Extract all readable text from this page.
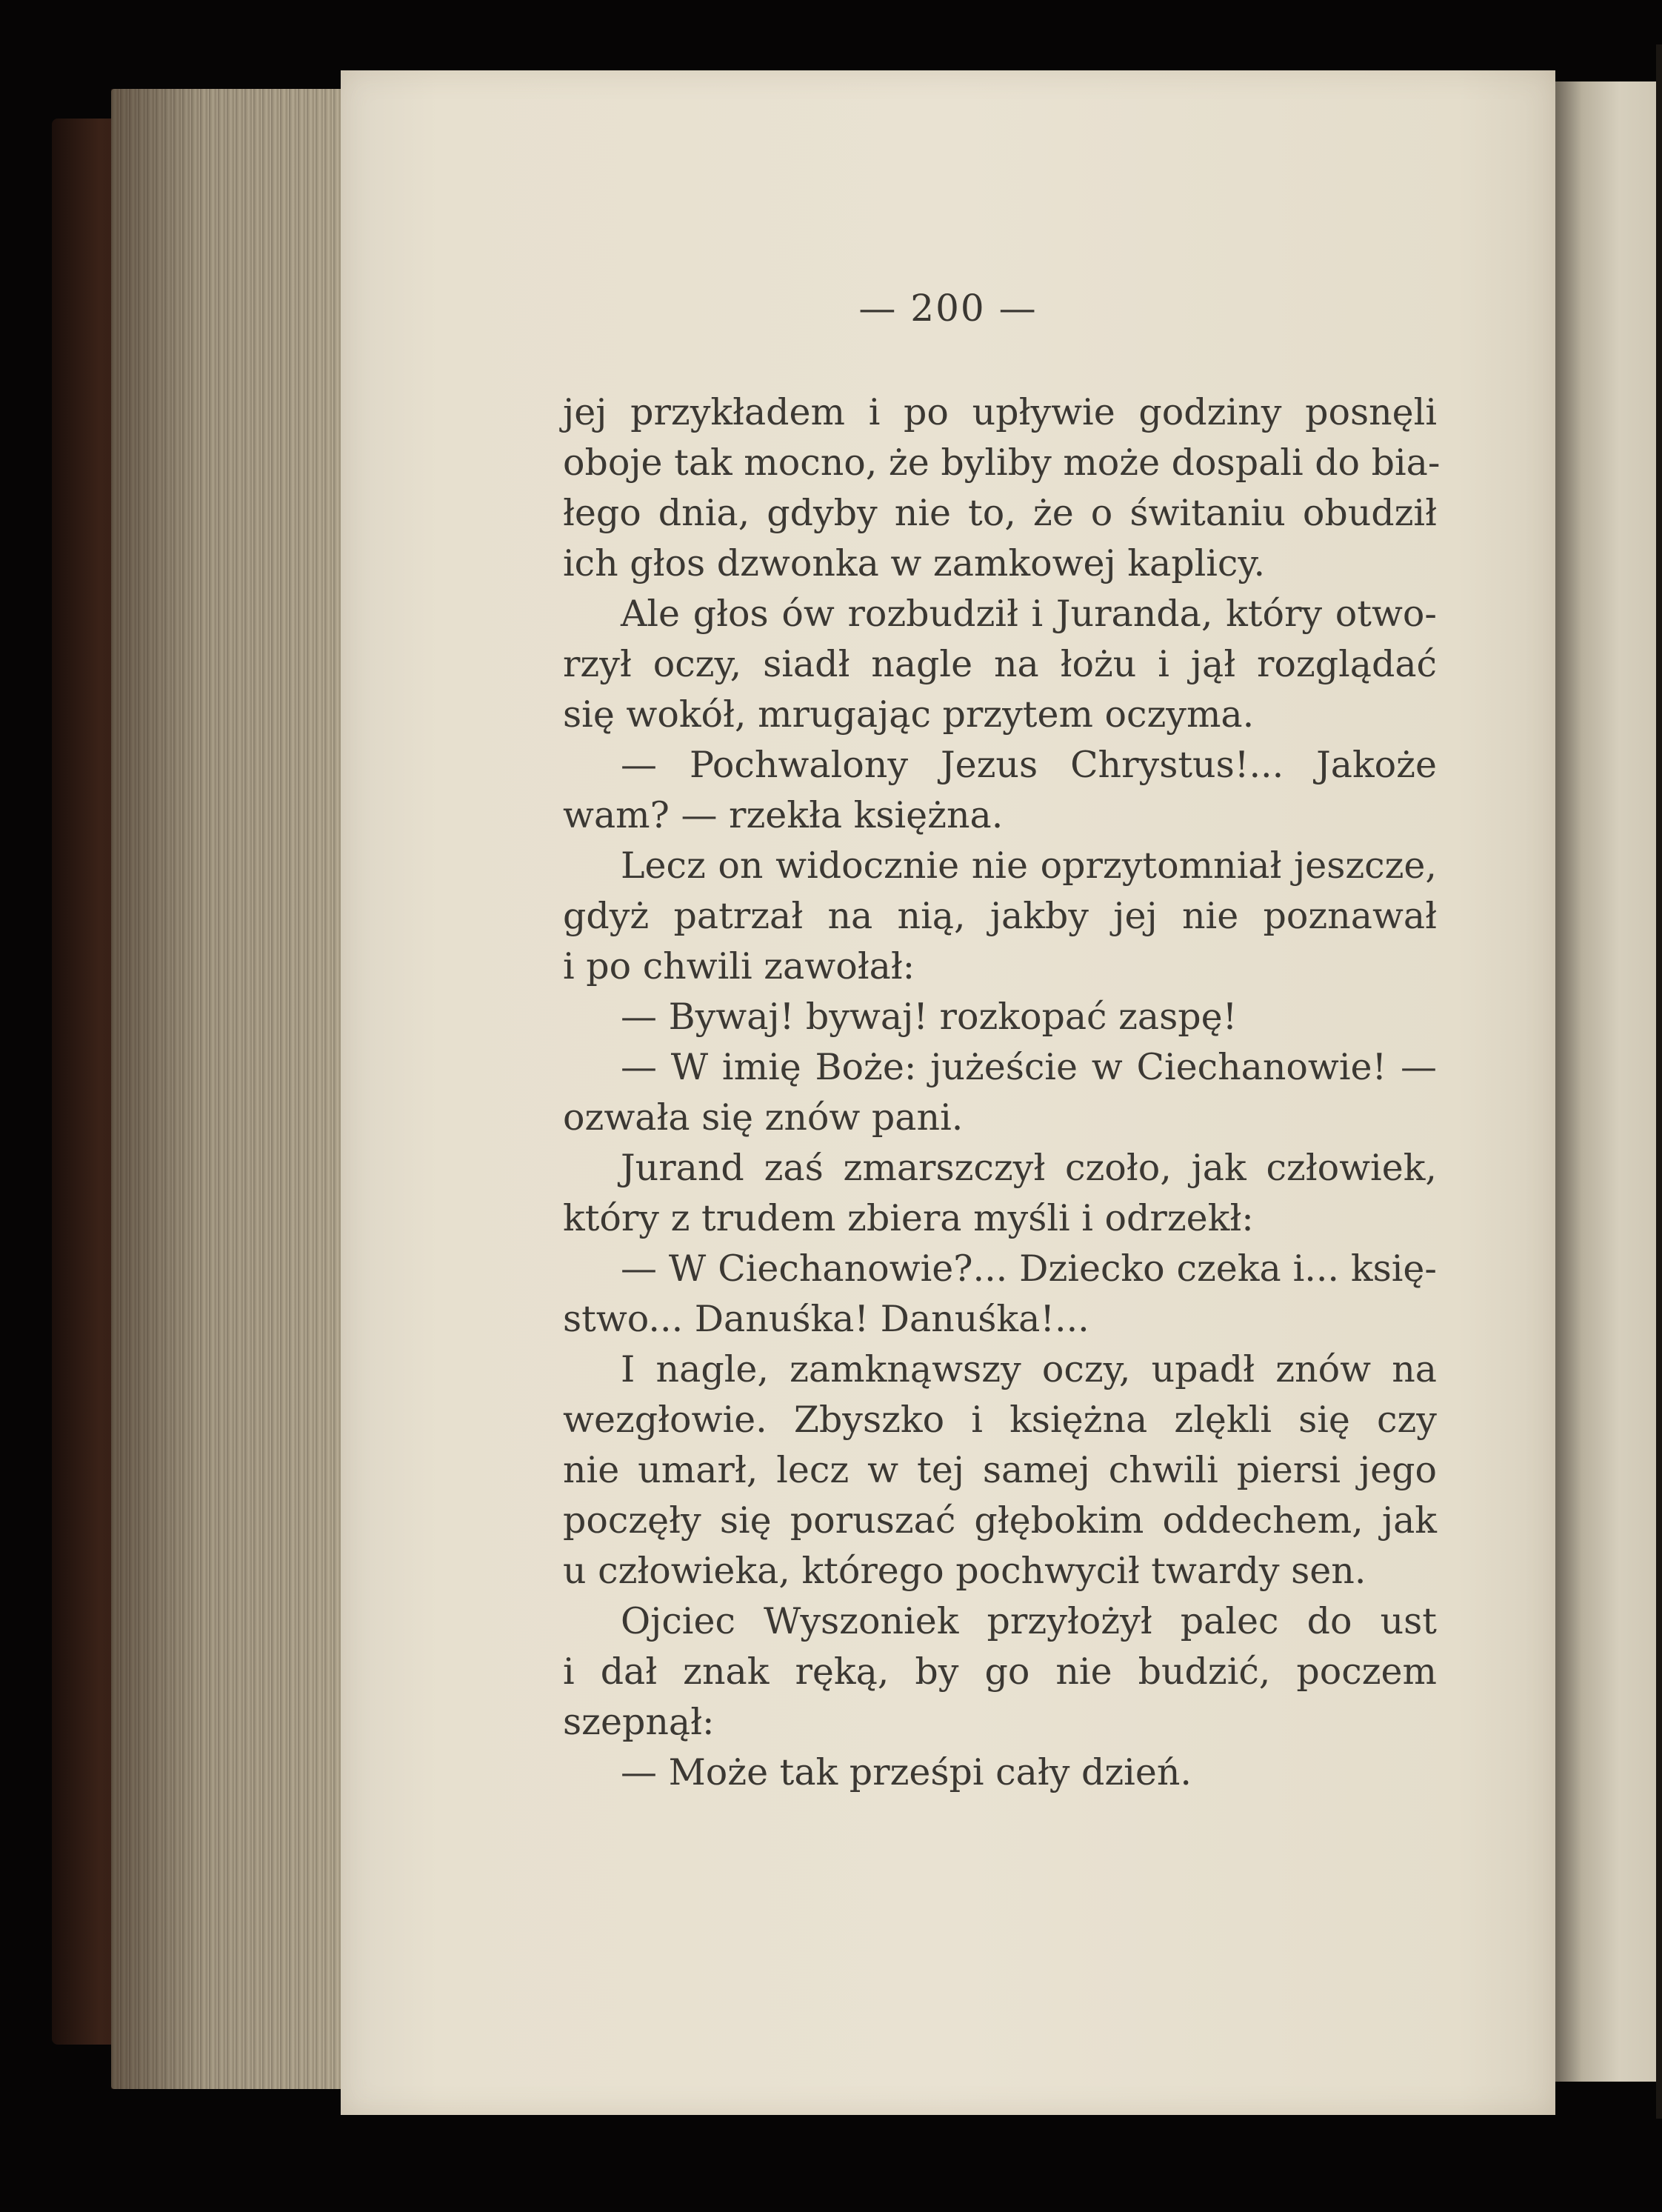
— 200 —
jej przykładem i po upływie godziny posnęli
oboje tak mocno, że byliby może dospali do bia-
łego dnia, gdyby nie to, że o świtaniu obudził
ich głos dzwonka w zamkowej kaplicy.
Ale głos ów rozbudził i Juranda, który otwo-
rzył oczy, siadł nagle na łożu i jął rozglądać
się wokół, mrugając przytem oczyma.
— Pochwalony Jezus Chrystus!... Jakoże
wam? — rzekła księżna.
Lecz on widocznie nie oprzytomniał jeszcze,
gdyż patrzał na nią, jakby jej nie poznawał
i po chwili zawołał:
— Bywaj! bywaj! rozkopać zaspę!
— W imię Boże: jużeście w Ciechanowie! —
ozwała się znów pani.
Jurand zaś zmarszczył czoło, jak człowiek,
który z trudem zbiera myśli i odrzekł:
— W Ciechanowie?... Dziecko czeka i... księ-
stwo... Danuśka! Danuśka!...
I nagle, zamknąwszy oczy, upadł znów na
wezgłowie. Zbyszko i księżna zlękli się czy
nie umarł, lecz w tej samej chwili piersi jego
poczęły się poruszać głębokim oddechem, jak
u człowieka, którego pochwycił twardy sen.
Ojciec Wyszoniek przyłożył palec do ust
i dał znak ręką, by go nie budzić, poczem
szepnął:
— Może tak prześpi cały dzień.
